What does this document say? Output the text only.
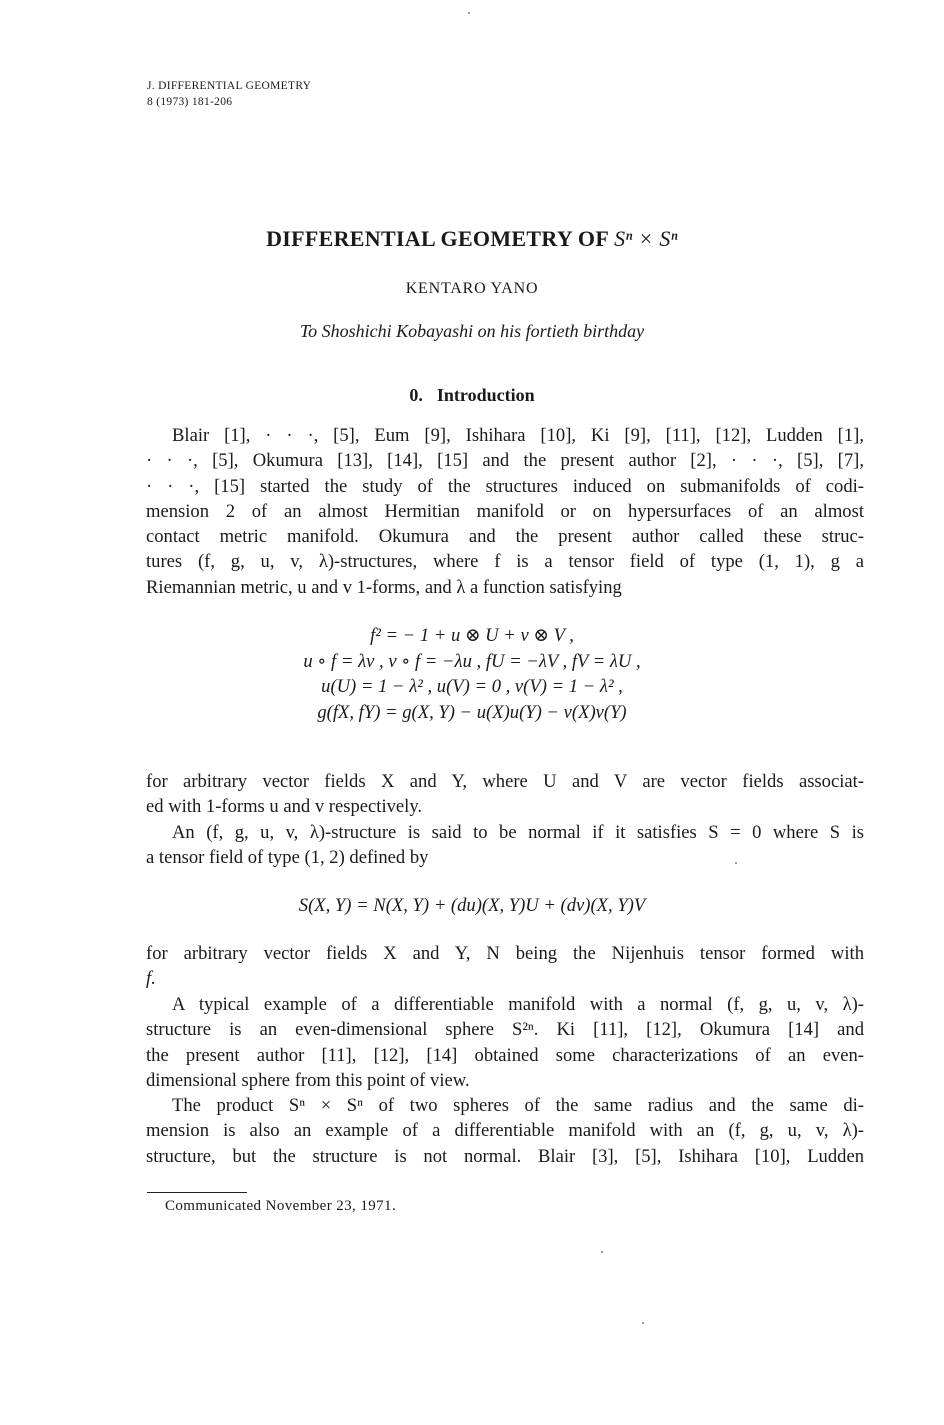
J. DIFFERENTIAL GEOMETRY
8 (1973) 181-206
DIFFERENTIAL GEOMETRY OF Sⁿ × Sⁿ
KENTARO YANO
To Shoshichi Kobayashi on his fortieth birthday
0. Introduction
Blair [1], · · ·, [5], Eum [9], Ishihara [10], Ki [9], [11], [12], Ludden [1],
· · ·, [5], Okumura [13], [14], [15] and the present author [2], · · ·, [5], [7],
· · ·, [15] started the study of the structures induced on submanifolds of codi-
mension 2 of an almost Hermitian manifold or on hypersurfaces of an almost
contact metric manifold. Okumura and the present author called these struc-
tures (f, g, u, v, λ)-structures, where f is a tensor field of type (1, 1), g a
Riemannian metric, u and v 1-forms, and λ a function satisfying
f² = − 1 + u ⊗ U + v ⊗ V ,
u ∘ f = λv , v ∘ f = −λu , fU = −λV , fV = λU ,
u(U) = 1 − λ² , u(V) = 0 , v(V) = 1 − λ² ,
g(fX, fY) = g(X, Y) − u(X)u(Y) − v(X)v(Y)
for arbitrary vector fields X and Y, where U and V are vector fields associat-
ed with 1-forms u and v respectively.
An (f, g, u, v, λ)-structure is said to be normal if it satisfies S = 0 where S is
a tensor field of type (1, 2) defined by
S(X, Y) = N(X, Y) + (du)(X, Y)U + (dv)(X, Y)V
for arbitrary vector fields X and Y, N being the Nijenhuis tensor formed with
f.
A typical example of a differentiable manifold with a normal (f, g, u, v, λ)-
structure is an even-dimensional sphere S²ⁿ. Ki [11], [12], Okumura [14] and
the present author [11], [12], [14] obtained some characterizations of an even-
dimensional sphere from this point of view.
The product Sⁿ × Sⁿ of two spheres of the same radius and the same di-
mension is also an example of a differentiable manifold with an (f, g, u, v, λ)-
structure, but the structure is not normal. Blair [3], [5], Ishihara [10], Ludden
Communicated November 23, 1971.
